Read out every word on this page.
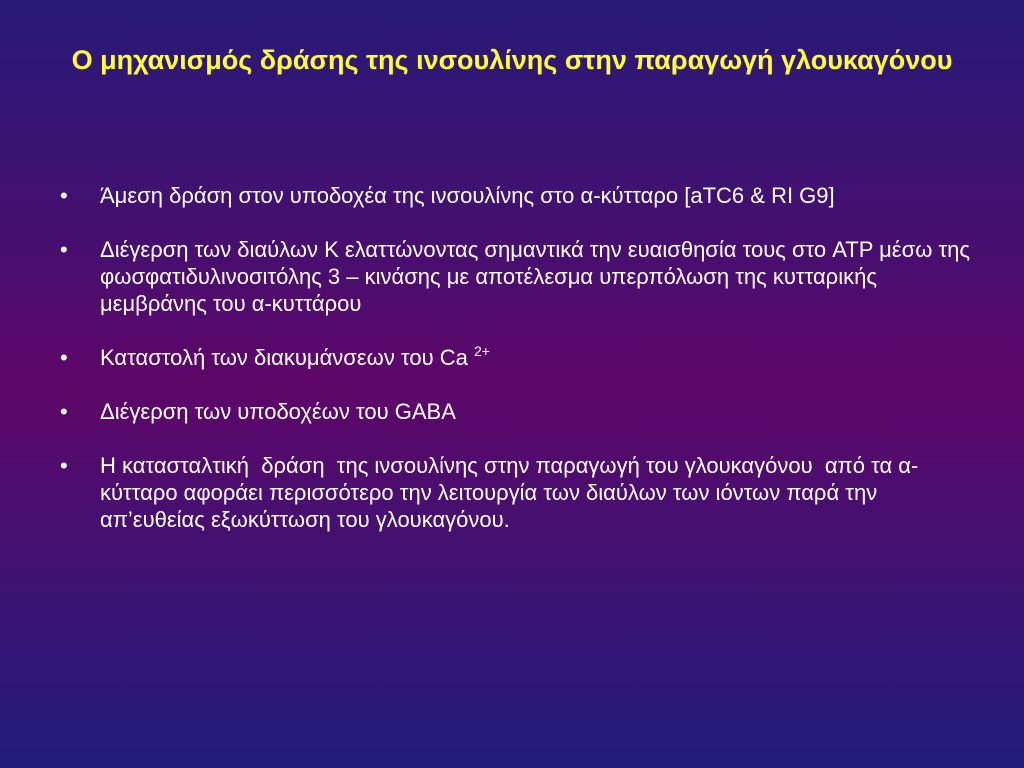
Ο μηχανισμός δράσης της ινσουλίνης στην παραγωγή γλουκαγόνου
•	Άμεση δράση στον υποδοχέα της ινσουλίνης στο α-κύτταρο [aTC6 & RI G9]
•	Διέγερση των διαύλων Κ ελαττώνοντας σημαντικά την ευαισθησία τους στο ATP μέσω της φωσφατιδυλινοσιτόλης 3 – κινάσης με αποτέλεσμα υπερπόλωση της κυτταρικής μεμβράνης του α-κυττάρου
•	Καταστολή των διακυμάνσεων του Ca $^{2+}$
•	Διέγερση των υποδοχέων του GABA
•	Η κατασταλτική  δράση  της ινσουλίνης στην παραγωγή του γλουκαγόνου  από τα α-κύτταρο αφοράει περισσότερο την λειτουργία των διαύλων των ιόντων παρά την απ’ευθείας εξωκύττωση του γλουκαγόνου.
